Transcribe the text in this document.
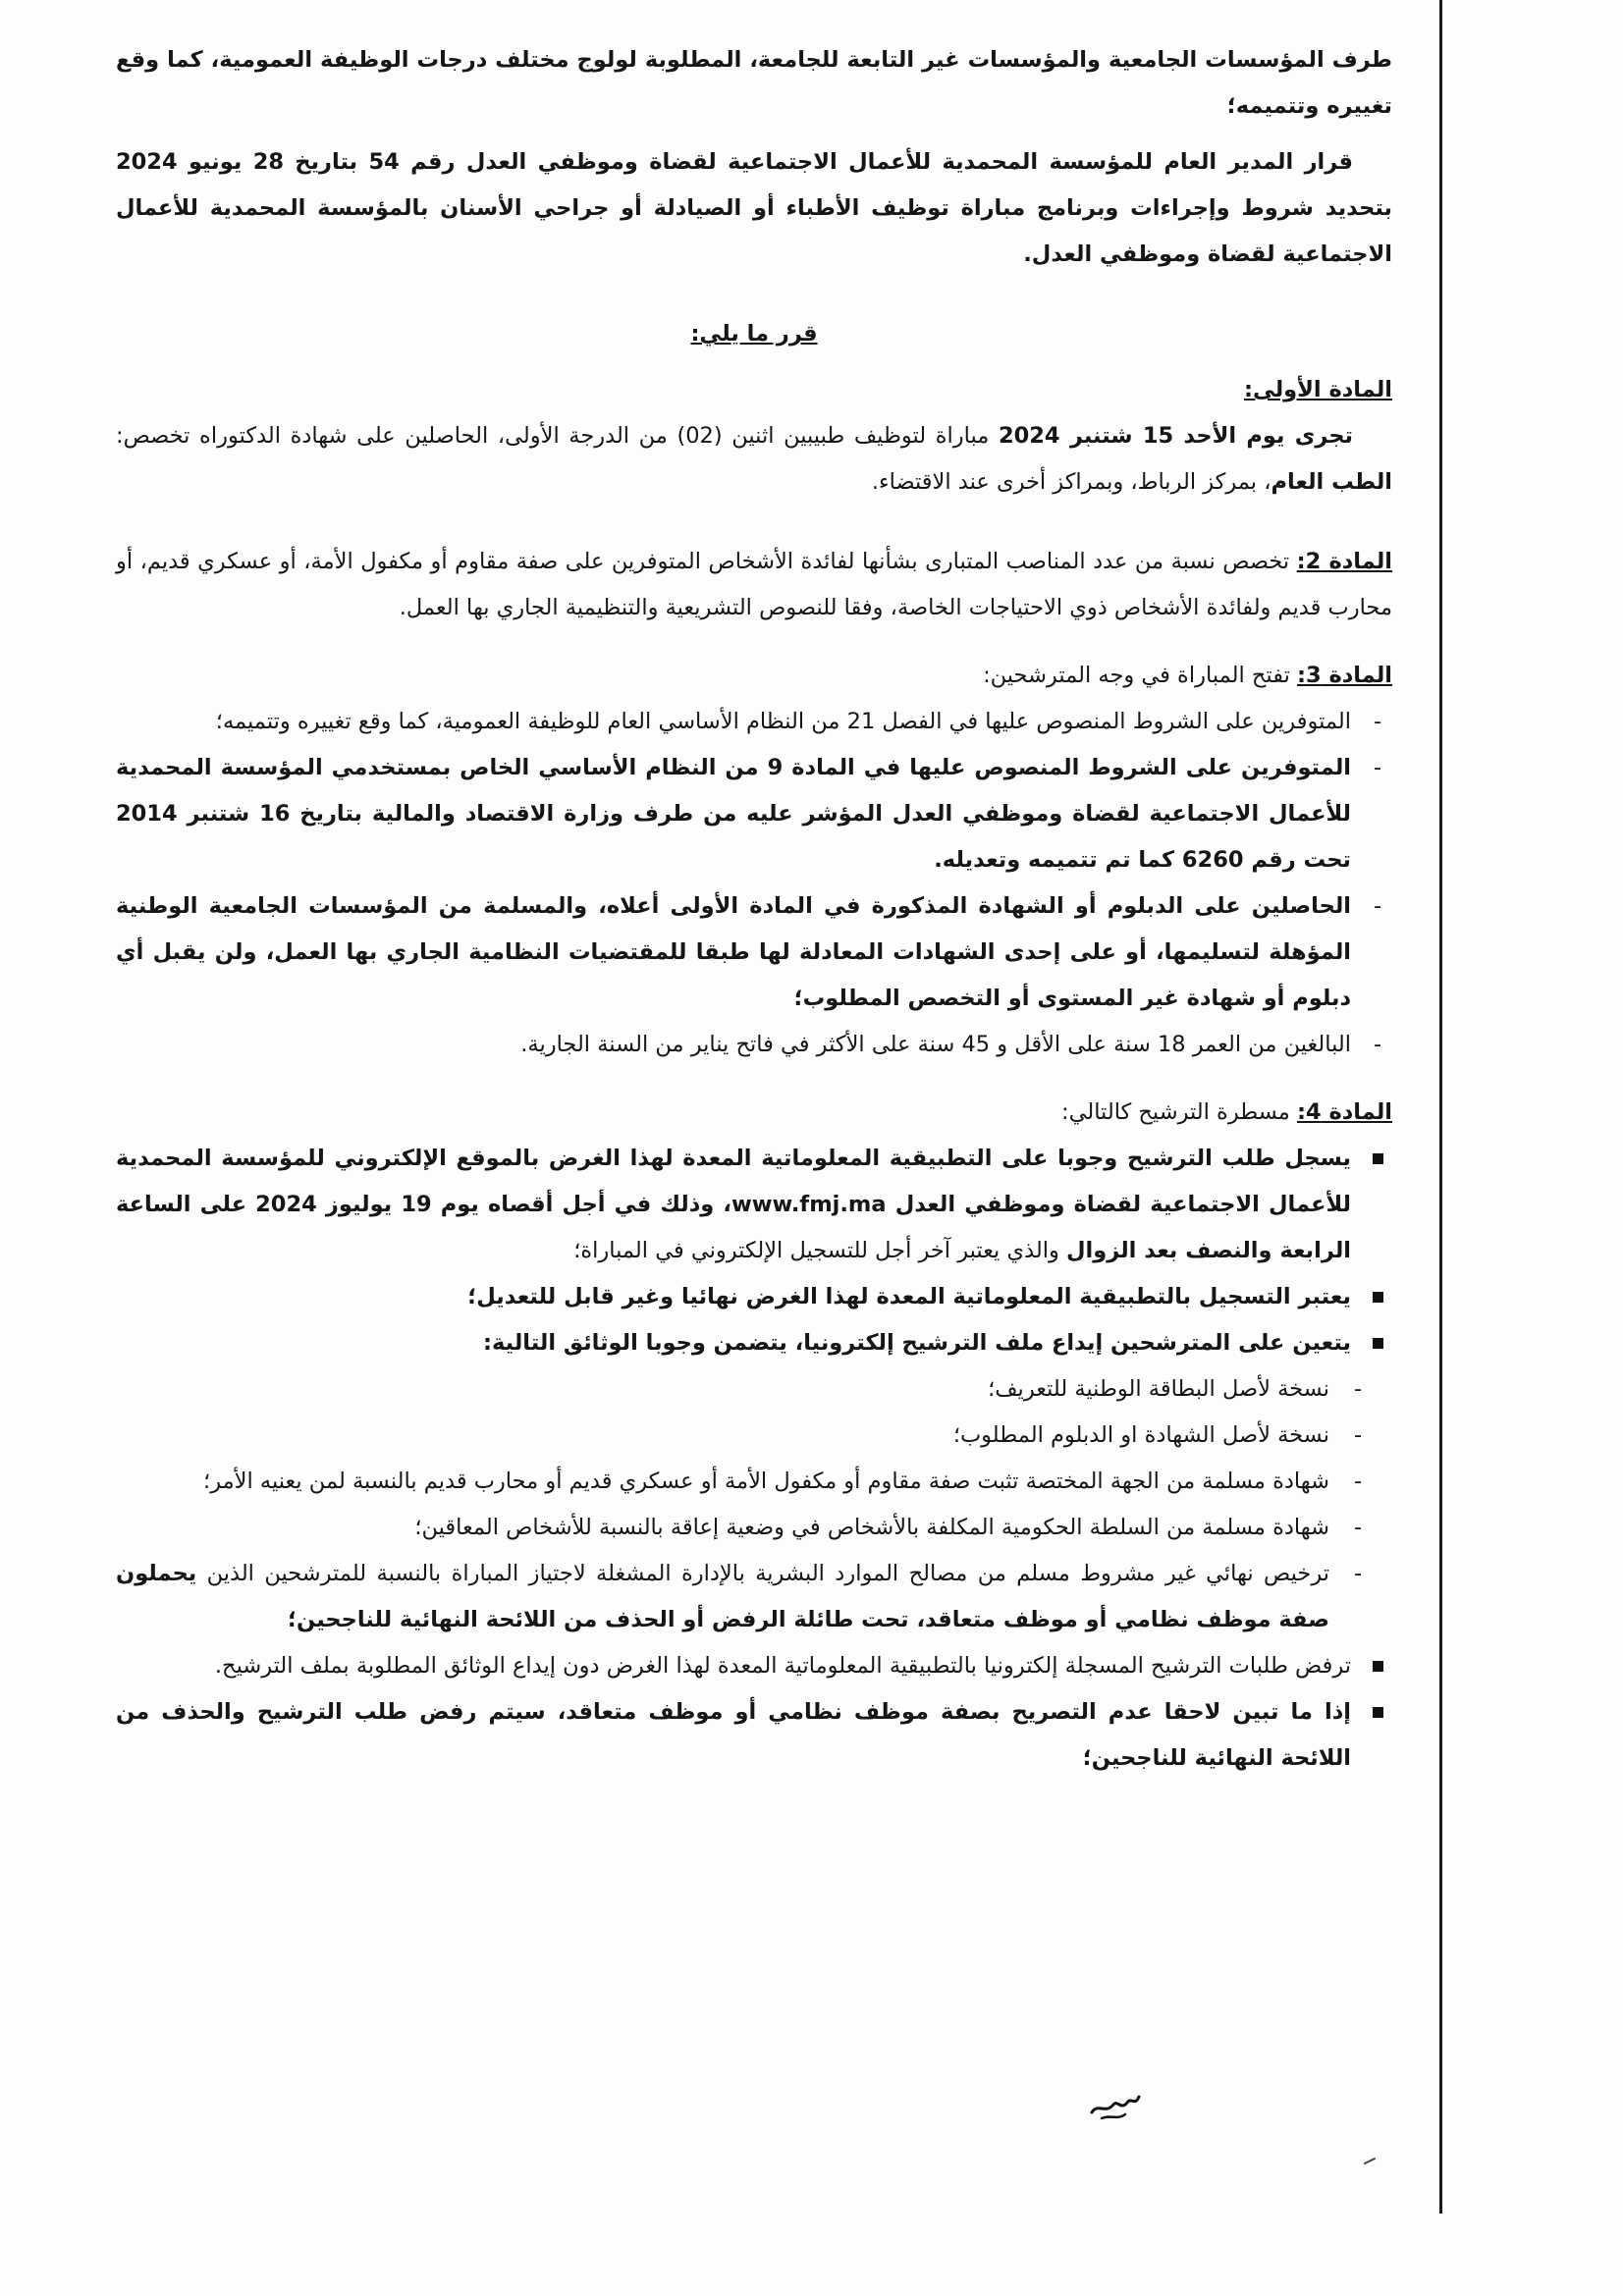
طرف المؤسسات الجامعية والمؤسسات غير التابعة للجامعة، المطلوبة لولوج مختلف درجات الوظيفة العمومية، كما وقع تغييره وتتميمه؛

قرار المدير العام للمؤسسة المحمدية للأعمال الاجتماعية لقضاة وموظفي العدل رقم 54 بتاريخ 28 يونيو 2024 بتحديد شروط وإجراءات وبرنامج مباراة توظيف الأطباء أو الصيادلة أو جراحي الأسنان بالمؤسسة المحمدية للأعمال الاجتماعية لقضاة وموظفي العدل.

قرر ما يلي:

المادة الأولى:

تجرى يوم الأحد 15 شتنبر 2024 مباراة لتوظيف طبيبين اثنين (02) من الدرجة الأولى، الحاصلين على شهادة الدكتوراه تخصص: الطب العام، بمركز الرباط، وبمراكز أخرى عند الاقتضاء.

المادة 2: تخصص نسبة من عدد المناصب المتبارى بشأنها لفائدة الأشخاص المتوفرين على صفة مقاوم أو مكفول الأمة، أو عسكري قديم، أو محارب قديم ولفائدة الأشخاص ذوي الاحتياجات الخاصة، وفقا للنصوص التشريعية والتنظيمية الجاري بها العمل.

المادة 3: تفتح المباراة في وجه المترشحين:

-
المتوفرين على الشروط المنصوص عليها في الفصل 21 من النظام الأساسي العام للوظيفة العمومية، كما وقع تغييره وتتميمه؛

-
المتوفرين على الشروط المنصوص عليها في المادة 9 من النظام الأساسي الخاص بمستخدمي المؤسسة المحمدية للأعمال الاجتماعية لقضاة وموظفي العدل المؤشر عليه من طرف وزارة الاقتصاد والمالية بتاريخ 16 شتنبر 2014 تحت رقم 6260 كما تم تتميمه وتعديله.

-
الحاصلين على الدبلوم أو الشهادة المذكورة في المادة الأولى أعلاه، والمسلمة من المؤسسات الجامعية الوطنية المؤهلة لتسليمها، أو على إحدى الشهادات المعادلة لها طبقا للمقتضيات النظامية الجاري بها العمل، ولن يقبل أي دبلوم أو شهادة غير المستوى أو التخصص المطلوب؛

-
البالغين من العمر 18 سنة على الأقل و 45 سنة على الأكثر في فاتح يناير من السنة الجارية.

المادة 4: مسطرة الترشيح كالتالي:

يسجل طلب الترشيح وجوبا على التطبيقية المعلوماتية المعدة لهذا الغرض بالموقع الإلكتروني للمؤسسة المحمدية للأعمال الاجتماعية لقضاة وموظفي العدل www.fmj.ma، وذلك في أجل أقصاه يوم 19 يوليوز 2024 على الساعة الرابعة والنصف بعد الزوال والذي يعتبر آخر أجل للتسجيل الإلكتروني في المباراة؛

يعتبر التسجيل بالتطبيقية المعلوماتية المعدة لهذا الغرض نهائيا وغير قابل للتعديل؛

يتعين على المترشحين إيداع ملف الترشيح إلكترونيا، يتضمن وجوبا الوثائق التالية:

-
نسخة لأصل البطاقة الوطنية للتعريف؛

-
نسخة لأصل الشهادة او الدبلوم المطلوب؛

-
شهادة مسلمة من الجهة المختصة تثبت صفة مقاوم أو مكفول الأمة أو عسكري قديم أو محارب قديم بالنسبة لمن يعنيه الأمر؛

-
شهادة مسلمة من السلطة الحكومية المكلفة بالأشخاص في وضعية إعاقة بالنسبة للأشخاص المعاقين؛

-
ترخيص نهائي غير مشروط مسلم من مصالح الموارد البشرية بالإدارة المشغلة لاجتياز المباراة بالنسبة للمترشحين الذين يحملون صفة موظف نظامي أو موظف متعاقد، تحت طائلة الرفض أو الحذف من اللائحة النهائية للناجحين؛

ترفض طلبات الترشيح المسجلة إلكترونيا بالتطبيقية المعلوماتية المعدة لهذا الغرض دون إيداع الوثائق المطلوبة بملف الترشيح.

إذا ما تبين لاحقا عدم التصريح بصفة موظف نظامي أو موظف متعاقد، سيتم رفض طلب الترشيح والحذف من اللائحة النهائية للناجحين؛
